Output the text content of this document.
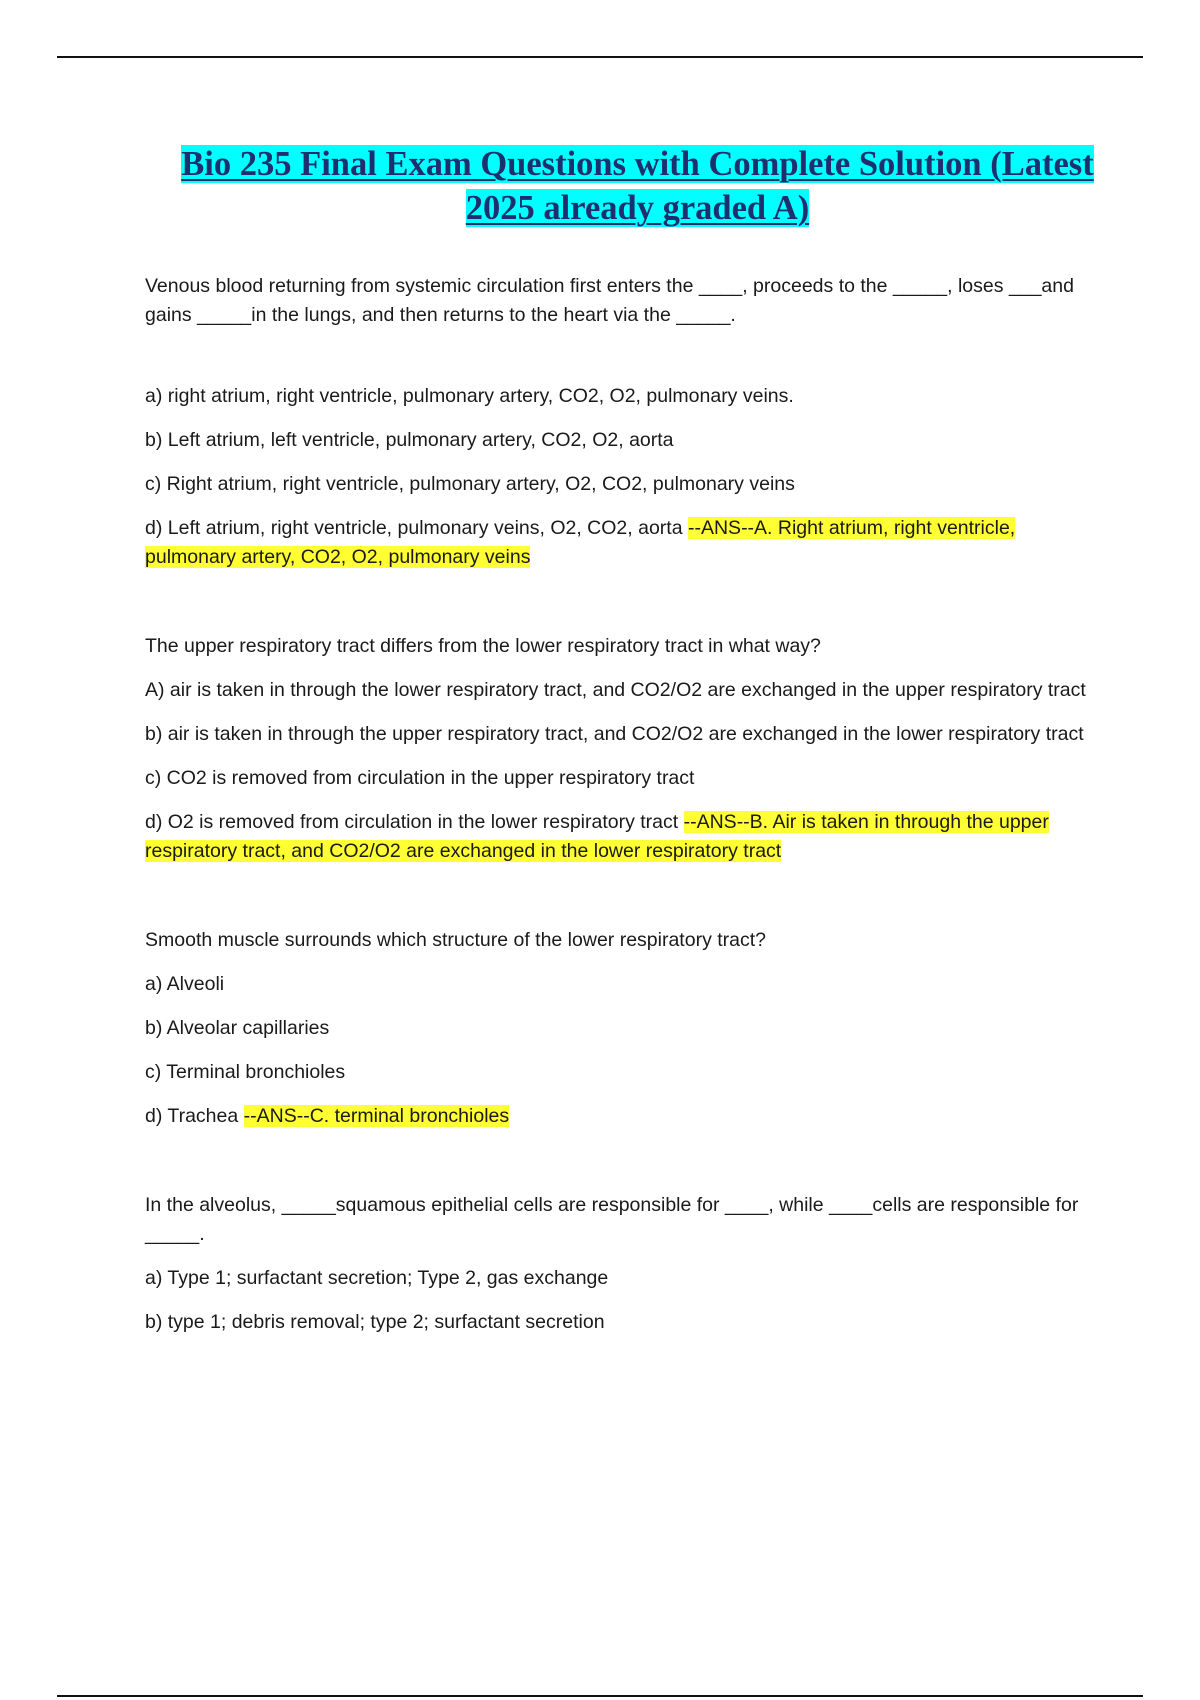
Bio 235 Final Exam Questions with Complete Solution (Latest 2025 already graded A)

Venous blood returning from systemic circulation first enters the ____, proceeds to the _____, loses ___and gains _____in the lungs, and then returns to the heart via the _____.

a) right atrium, right ventricle, pulmonary artery, CO2, O2, pulmonary veins.

b) Left atrium, left ventricle, pulmonary artery, CO2, O2, aorta

c) Right atrium, right ventricle, pulmonary artery, O2, CO2, pulmonary veins

d) Left atrium, right ventricle, pulmonary veins, O2, CO2, aorta --ANS--A. Right atrium, right ventricle, pulmonary artery, CO2, O2, pulmonary veins

The upper respiratory tract differs from the lower respiratory tract in what way?

A) air is taken in through the lower respiratory tract, and CO2/O2 are exchanged in the upper respiratory tract

b) air is taken in through the upper respiratory tract, and CO2/O2 are exchanged in the lower respiratory tract

c) CO2 is removed from circulation in the upper respiratory tract

d) O2 is removed from circulation in the lower respiratory tract --ANS--B. Air is taken in through the upper respiratory tract, and CO2/O2 are exchanged in the lower respiratory tract

Smooth muscle surrounds which structure of the lower respiratory tract?

a) Alveoli

b) Alveolar capillaries

c) Terminal bronchioles

d) Trachea --ANS--C. terminal bronchioles

In the alveolus, _____squamous epithelial cells are responsible for ____, while ____cells are responsible for _____.

a) Type 1; surfactant secretion; Type 2, gas exchange

b) type 1; debris removal; type 2; surfactant secretion
